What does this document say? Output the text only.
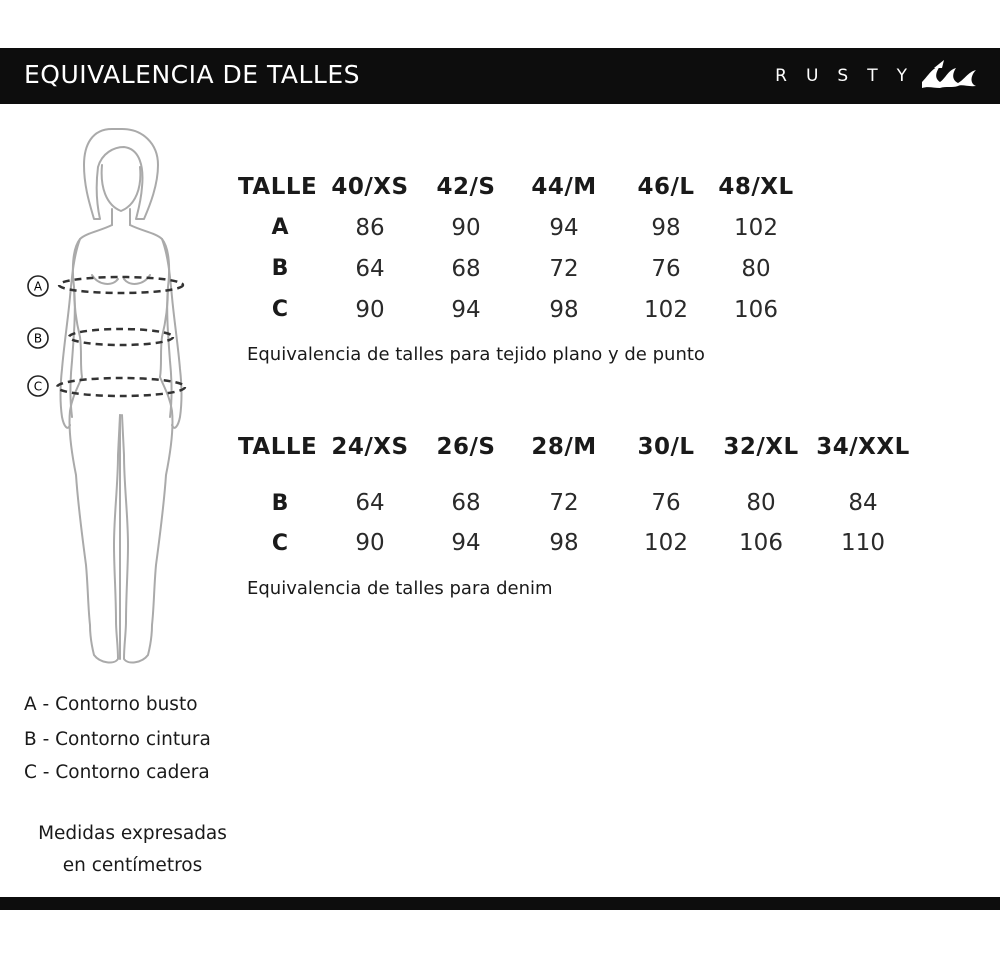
EQUIVALENCIA DE TALLES	RUSTY
A
B
C
TALLE	40/XS	42/S	44/M	46/L	48/XL
A	86	90	94	98	102
B	64	68	72	76	80
C	90	94	98	102	106
Equivalencia de talles para tejido plano y de punto
TALLE	24/XS	26/S	28/M	30/L	32/XL	34/XXL

B	64	68	72	76	80	84
C	90	94	98	102	106	110
Equivalencia de talles para denim
A - Contorno busto
B - Contorno cintura
C - Contorno cadera
Medidas expresadas
en centímetros
